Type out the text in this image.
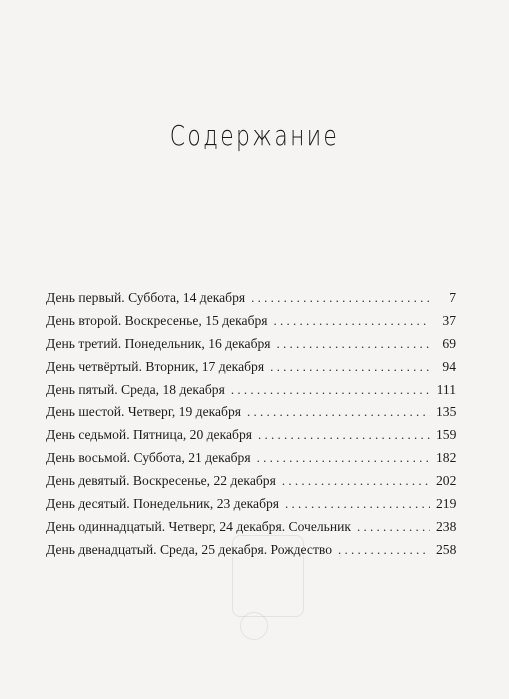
Содержание
День первый. Суббота, 14 декабря . . .	7
День второй. Воскресенье, 15 декабря . . .	37
День третий. Понедельник, 16 декабря . . .	69
День четвёртый. Вторник, 17 декабря . . .	94
День пятый. Среда, 18 декабря . . .	111
День шестой. Четверг, 19 декабря . . .	135
День седьмой. Пятница, 20 декабря . . .	159
День восьмой. Суббота, 21 декабря . . .	182
День девятый. Воскресенье, 22 декабря . . .	202
День десятый. Понедельник, 23 декабря . . .	219
День одиннадцатый. Четверг, 24 декабря. Сочельник . . .	238
День двенадцатый. Среда, 25 декабря. Рождество . . .	258
